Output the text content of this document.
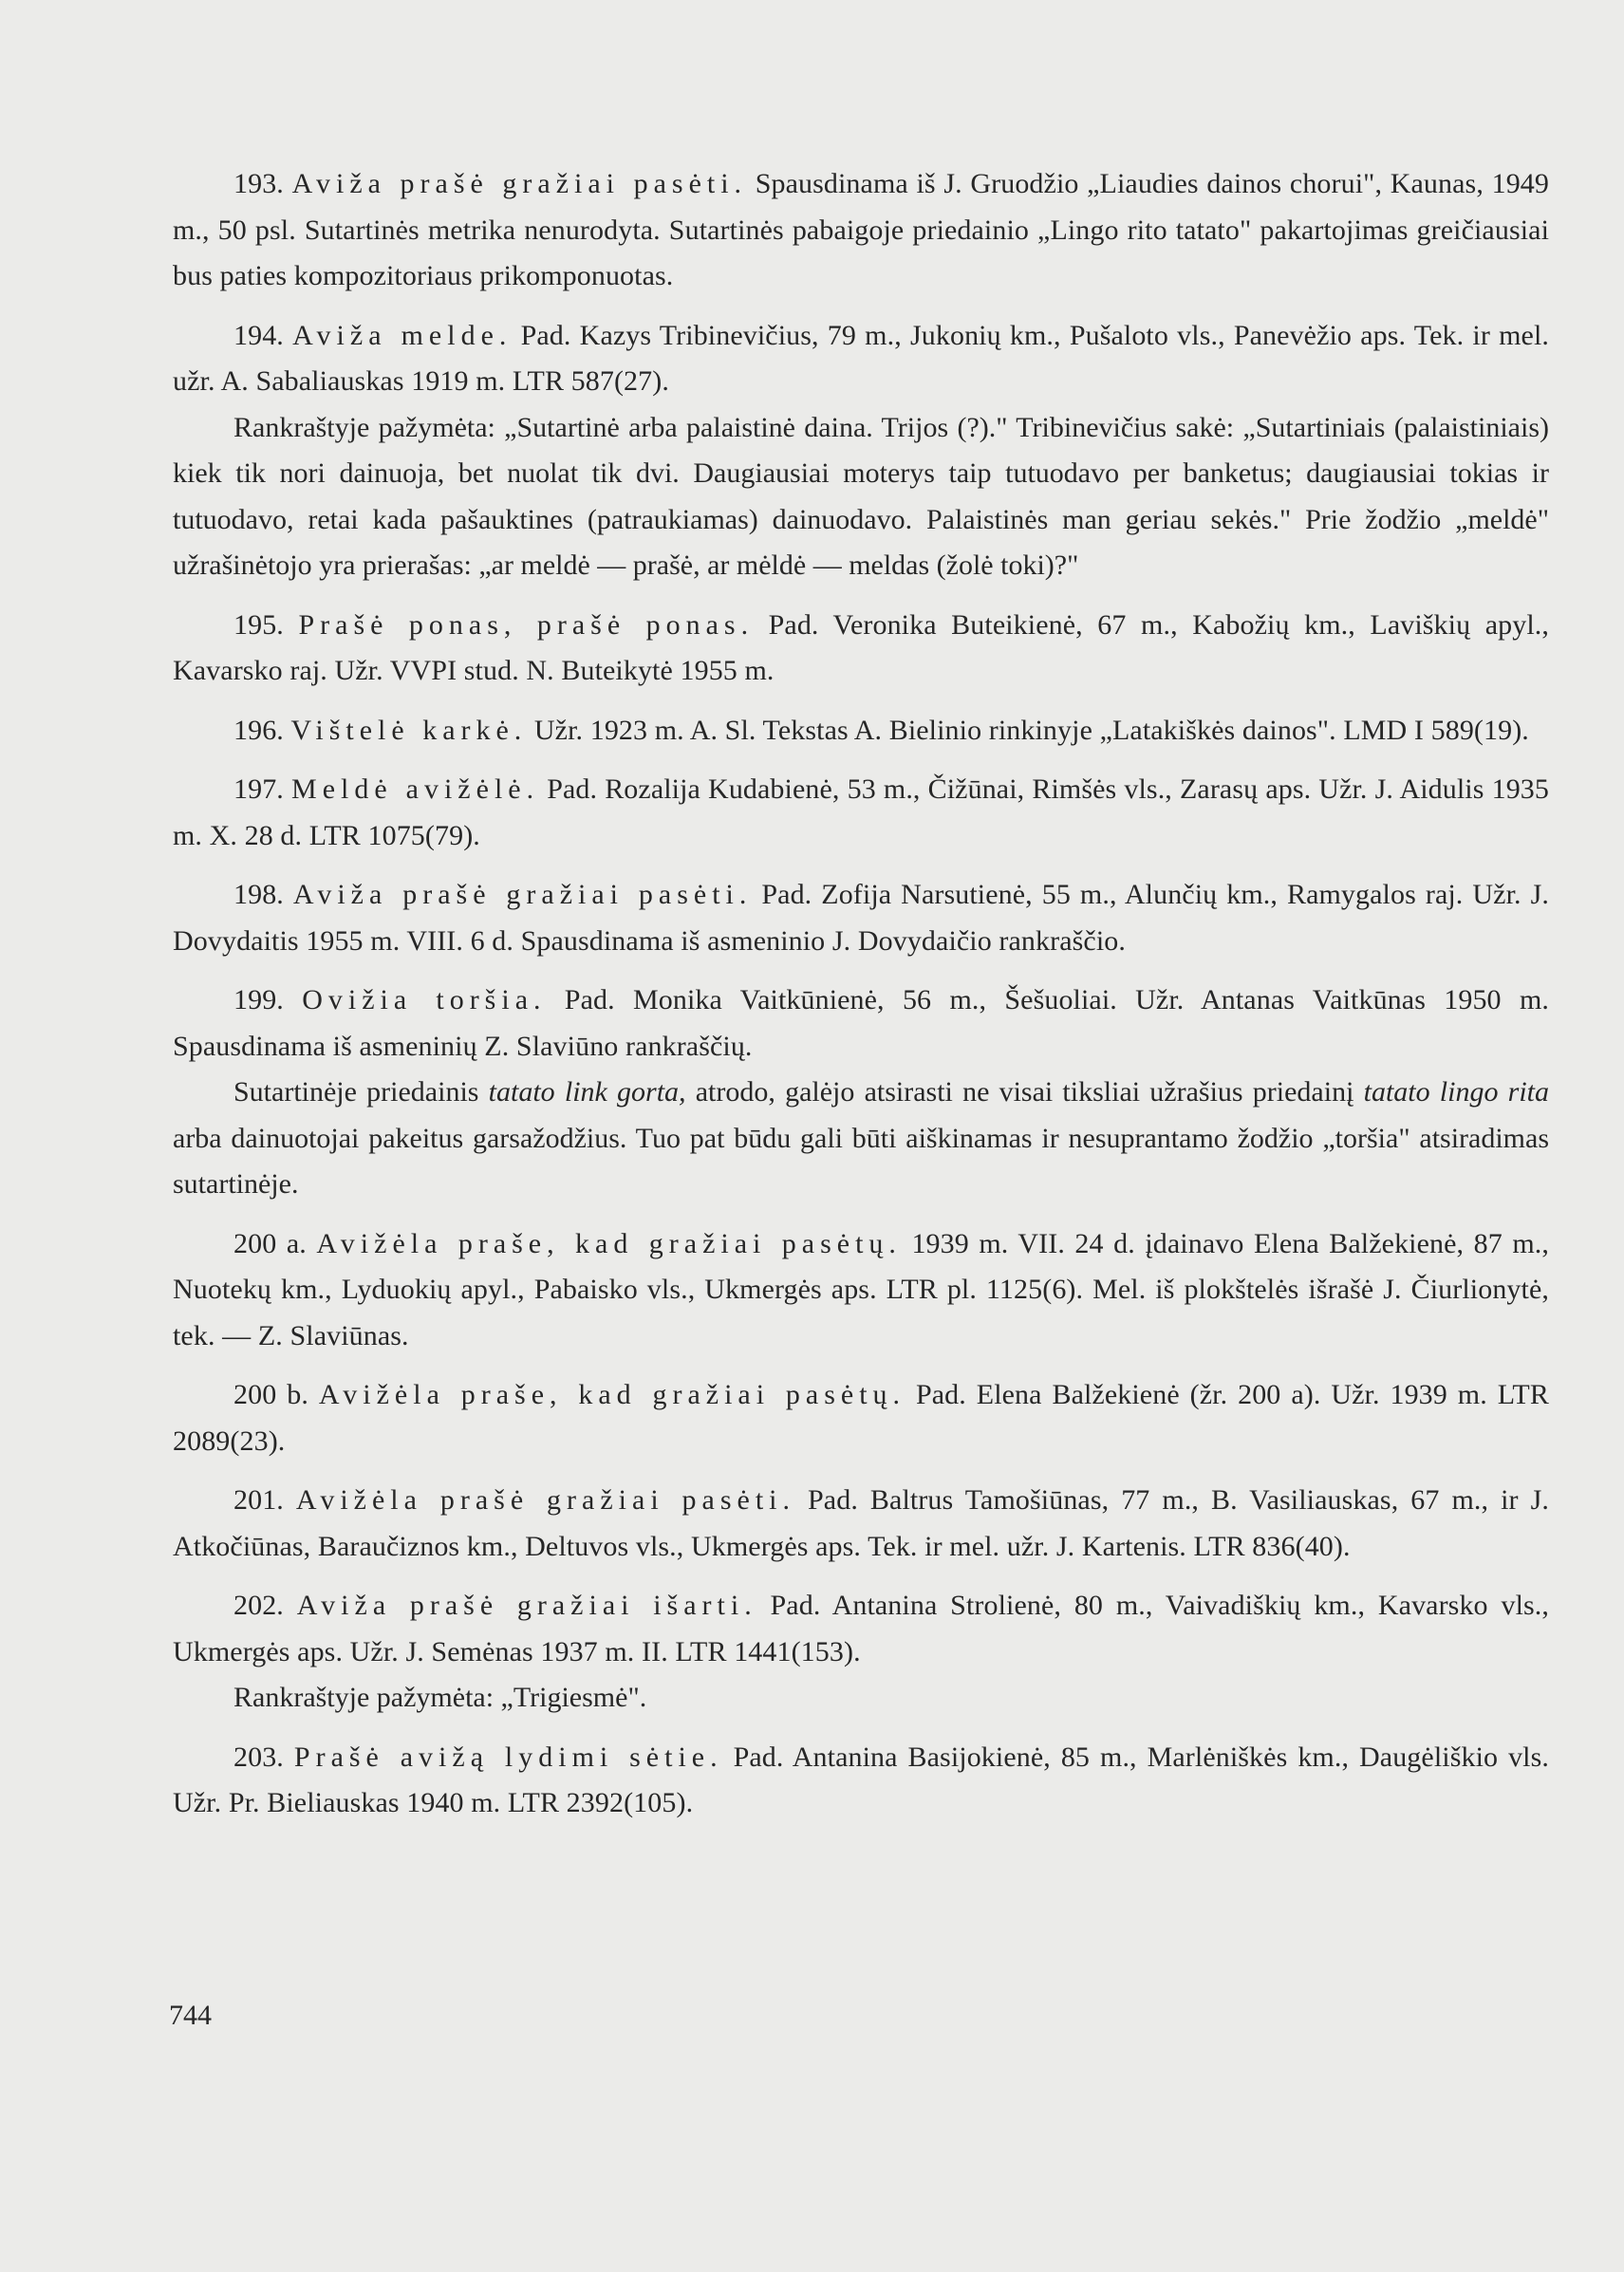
193. Aviža prašė gražiai pasėti. Spausdinama iš J. Gruodžio „Liaudies dainos chorui", Kaunas, 1949 m., 50 psl. Sutartinės metrika nenurodyta. Sutartinės pabaigoje priedainio „Lingo rito tatato" pakartojimas greičiausiai bus paties kompozitoriaus prikomponuotas.

194. Aviža melde. Pad. Kazys Tribinevičius, 79 m., Jukonių km., Pušaloto vls., Panevėžio aps. Tek. ir mel. užr. A. Sabaliauskas 1919 m. LTR 587(27).

Rankraštyje pažymėta: „Sutartinė arba palaistinė daina. Trijos (?)." Tribinevičius sakė: „Sutartiniais (palaistiniais) kiek tik nori dainuoja, bet nuolat tik dvi. Daugiausiai moterys taip tutuodavo per banketus; daugiausiai tokias ir tutuodavo, retai kada pašauktines (patraukiamas) dainuodavo. Palaistinės man geriau sekės." Prie žodžio „meldė" užrašinėtojo yra prierašas: „ar meldė — prašė, ar mėldė — meldas (žolė toki)?"

195. Prašė ponas, prašė ponas. Pad. Veronika Buteikienė, 67 m., Kabožių km., Laviškių apyl., Kavarsko raj. Užr. VVPI stud. N. Buteikytė 1955 m.

196. Vištelė karkė. Užr. 1923 m. A. Sl. Tekstas A. Bielinio rinkinyje „Latakiškės dainos". LMD I 589(19).

197. Meldė avižėlė. Pad. Rozalija Kudabienė, 53 m., Čižūnai, Rimšės vls., Zarasų aps. Užr. J. Aidulis 1935 m. X. 28 d. LTR 1075(79).

198. Aviža prašė gražiai pasėti. Pad. Zofija Narsutienė, 55 m., Alunčių km., Ramygalos raj. Užr. J. Dovydaitis 1955 m. VIII. 6 d. Spausdinama iš asmeninio J. Dovydaičio rankraščio.

199. Ovižia toršia. Pad. Monika Vaitkūnienė, 56 m., Šešuoliai. Užr. Antanas Vaitkūnas 1950 m. Spausdinama iš asmeninių Z. Slaviūno rankraščių.

Sutartinėje priedainis tatato link gorta, atrodo, galėjo atsirasti ne visai tiksliai užrašius priedainį tatato lingo rita arba dainuotojai pakeitus garsažodžius. Tuo pat būdu gali būti aiškinamas ir nesuprantamo žodžio „toršia" atsiradimas sutartinėje.

200 a. Avižėla praše, kad gražiai pasėtų. 1939 m. VII. 24 d. įdainavo Elena Balžekienė, 87 m., Nuotekų km., Lyduokių apyl., Pabaisko vls., Ukmergės aps. LTR pl. 1125(6). Mel. iš plokštelės išrašė J. Čiurlionytė, tek. — Z. Slaviūnas.

200 b. Avižėla praše, kad gražiai pasėtų. Pad. Elena Balžekienė (žr. 200 a). Užr. 1939 m. LTR 2089(23).

201. Avižėla prašė gražiai pasėti. Pad. Baltrus Tamošiūnas, 77 m., B. Vasiliauskas, 67 m., ir J. Atkočiūnas, Baraučiznos km., Deltuvos vls., Ukmergės aps. Tek. ir mel. užr. J. Kartenis. LTR 836(40).

202. Aviža prašė gražiai išarti. Pad. Antanina Strolienė, 80 m., Vaivadiškių km., Kavarsko vls., Ukmergės aps. Užr. J. Semėnas 1937 m. II. LTR 1441(153).

Rankraštyje pažymėta: „Trigiesmė".

203. Prašė avižą lydimi sėtie. Pad. Antanina Basijokienė, 85 m., Marlėniškės km., Daugėliškio vls. Užr. Pr. Bieliauskas 1940 m. LTR 2392(105).

744
